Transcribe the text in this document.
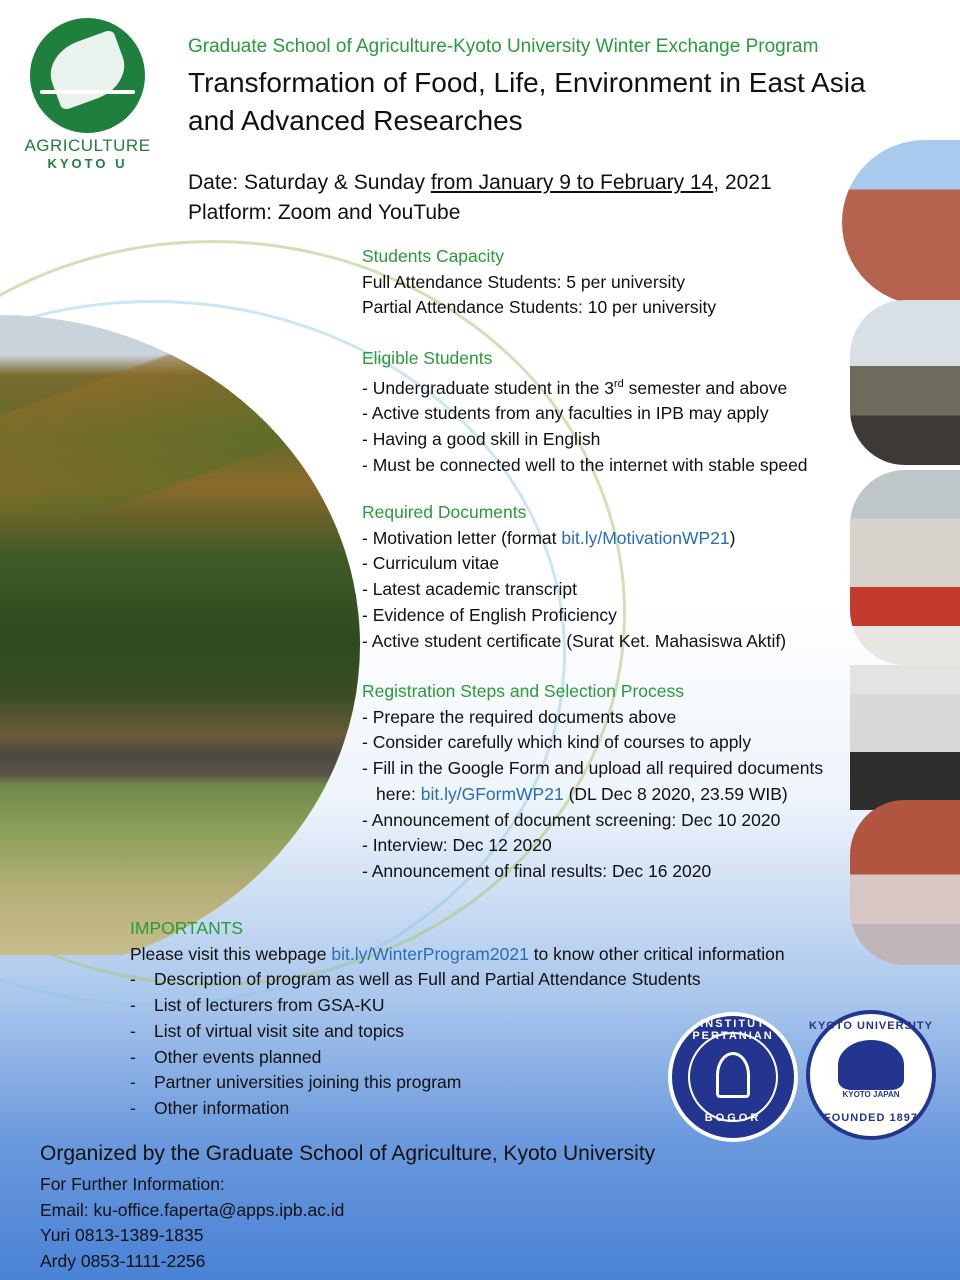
AGRICULTURE
KYOTO U
Graduate School of Agriculture-Kyoto University Winter Exchange Program
Transformation of Food, Life, Environment in East Asia
and Advanced Researches
Date: Saturday & Sunday from January 9 to February 14, 2021
Platform: Zoom and YouTube
Students Capacity
Full Attendance Students: 5 per university
Partial Attendance Students: 10 per university
Eligible Students
- Undergraduate student in the 3rd semester and above
- Active students from any faculties in IPB may apply
- Having a good skill in English
- Must be connected well to the internet with stable speed
Required Documents
- Motivation letter (format bit.ly/MotivationWP21)
- Curriculum vitae
- Latest academic transcript
- Evidence of English Proficiency
- Active student certificate (Surat Ket. Mahasiswa Aktif)
Registration Steps and Selection Process
- Prepare the required documents above
- Consider carefully which kind of courses to apply
- Fill in the Google Form and upload all required documents
here: bit.ly/GFormWP21 (DL Dec 8 2020, 23.59 WIB)
- Announcement of document screening: Dec 10 2020
- Interview: Dec 12 2020
- Announcement of final results: Dec 16 2020
IMPORTANTS
Please visit this webpage bit.ly/WinterProgram2021 to know other critical information
- Description of program as well as Full and Partial Attendance Students
- List of lecturers from GSA-KU
- List of virtual visit site and topics
- Other events planned
- Partner universities joining this program
- Other information
INSTITUT PERTANIAN
BOGOR
KYOTO UNIVERSITY
KYOTO JAPAN
FOUNDED 1897
Organized by the Graduate School of Agriculture, Kyoto University
For Further Information:
Email: ku-office.faperta@apps.ipb.ac.id
Yuri 0813-1389-1835
Ardy 0853-1111-2256
